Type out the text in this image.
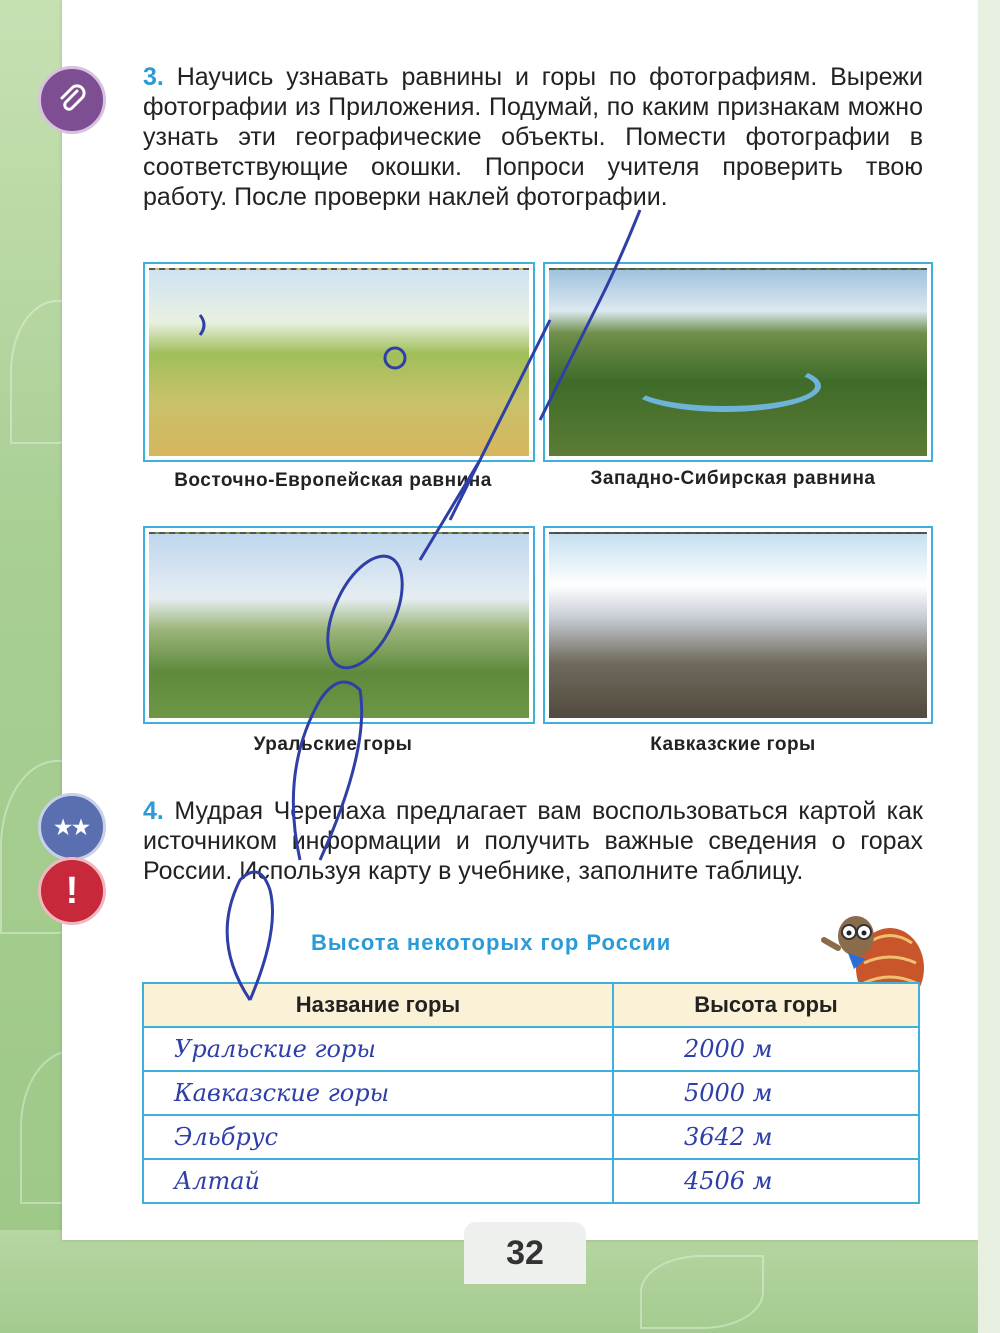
★★
!
3. Научись узнавать равнины и горы по фотографиям. Вырежи фотографии из Приложения. Подумай, по каким признакам можно узнать эти географические объекты. Помести фотографии в соответствующие окошки. Попроси учителя проверить твою работу. После проверки наклей фотографии.
Восточно-Европейская равнина	Западно-Сибирская равнина
Уральские горы	Кавказские горы
4. Мудрая Черепаха предлагает вам воспользоваться картой как источником информации и получить важные сведения о горах России. Используя карту в учебнике, заполните таблицу.
Высота некоторых гор России
Название горы	Высота горы
Уральские горы	2000 м
Кавказские горы	5000 м
Эльбрус	3642 м
Алтай	4506 м
32
